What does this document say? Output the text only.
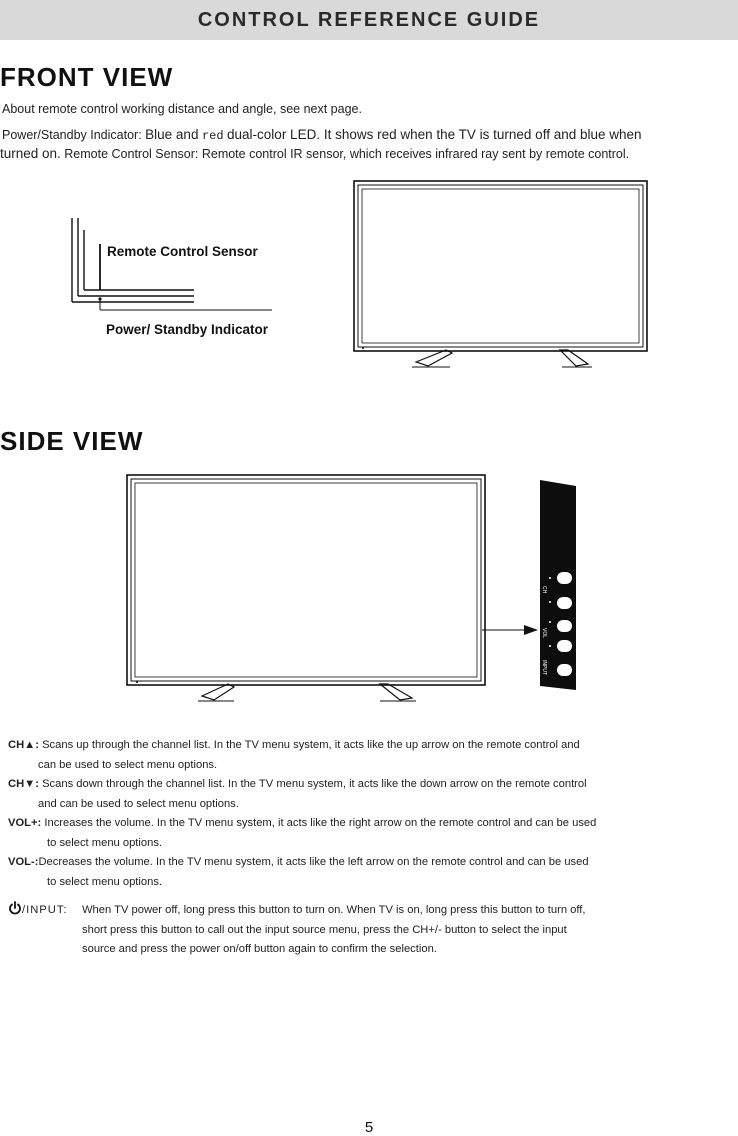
CONTROL REFERENCE GUIDE
FRONT VIEW
About remote control working distance and angle, see next page.
Power/Standby Indicator: Blue and red dual-color LED. It shows red when the TV is turned off and blue when
turned on. Remote Control Sensor: Remote control IR sensor, which receives infrared ray sent by remote control.
Remote Control Sensor
Power/ Standby Indicator
SIDE VIEW
CH
VOL
INPUT
CH▲: Scans up through the channel list. In the TV menu system, it acts like the up arrow on the remote control and
can be used to select menu options.
CH▼: Scans down through the channel list. In the TV menu system, it acts like the down arrow on the remote control
and can be used to select menu options.
VOL+: Increases the volume. In the TV menu system, it acts like the right arrow on the remote control and can be used
to select menu options.
VOL-:Decreases the volume. In the TV menu system, it acts like the left arrow on the remote control and can be used
to select menu options.
/INPUT: When TV power off, long press this button to turn on. When TV is on, long press this button to turn off,
short press this button to call out the input source menu, press the CH+/- button to select the input
source and press the power on/off button again to confirm the selection.
5
